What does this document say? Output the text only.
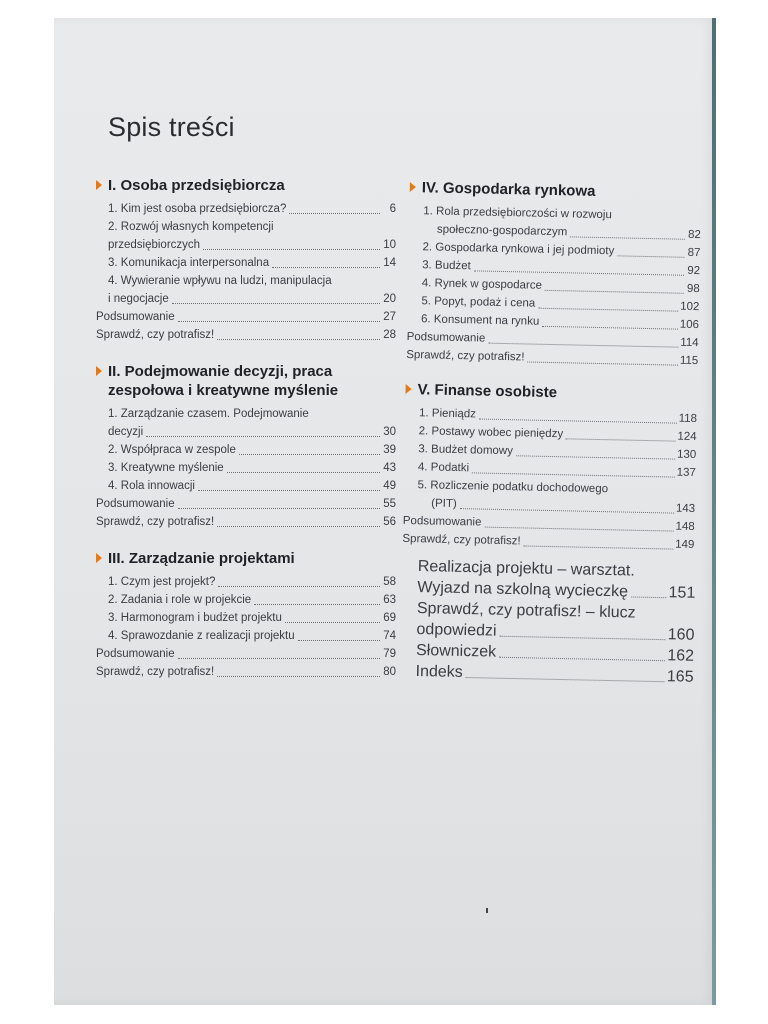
Spis treści
I. Osoba przedsiębiorcza
1. Kim jest osoba przedsiębiorcza?	6
2. Rozwój własnych kompetencji
przedsiębiorczych	10
3. Komunikacja interpersonalna	14
4. Wywieranie wpływu na ludzi, manipulacja
i negocjacje	20
Podsumowanie	27
Sprawdź, czy potrafisz!	28
II. Podejmowanie decyzji, praca zespołowa i kreatywne myślenie
1. Zarządzanie czasem. Podejmowanie
decyzji	30
2. Współpraca w zespole	39
3. Kreatywne myślenie	43
4. Rola innowacji	49
Podsumowanie	55
Sprawdź, czy potrafisz!	56
III. Zarządzanie projektami
1. Czym jest projekt?	58
2. Zadania i role w projekcie	63
3. Harmonogram i budżet projektu	69
4. Sprawozdanie z realizacji projektu	74
Podsumowanie	79
Sprawdź, czy potrafisz!	80
IV. Gospodarka rynkowa
1. Rola przedsiębiorczości w rozwoju
społeczno-gospodarczym	82
2. Gospodarka rynkowa i jej podmioty	87
3. Budżet	92
4. Rynek w gospodarce	98
5. Popyt, podaż i cena	102
6. Konsument na rynku	106
Podsumowanie	114
Sprawdź, czy potrafisz!	115
V. Finanse osobiste
1. Pieniądz	118
2. Postawy wobec pieniędzy	124
3. Budżet domowy	130
4. Podatki	137
5. Rozliczenie podatku dochodowego
(PIT)	143
Podsumowanie	148
Sprawdź, czy potrafisz!	149
Realizacja projektu – warsztat.
Wyjazd na szkolną wycieczkę	151
Sprawdź, czy potrafisz! – klucz
odpowiedzi	160
Słowniczek	162
Indeks	165
